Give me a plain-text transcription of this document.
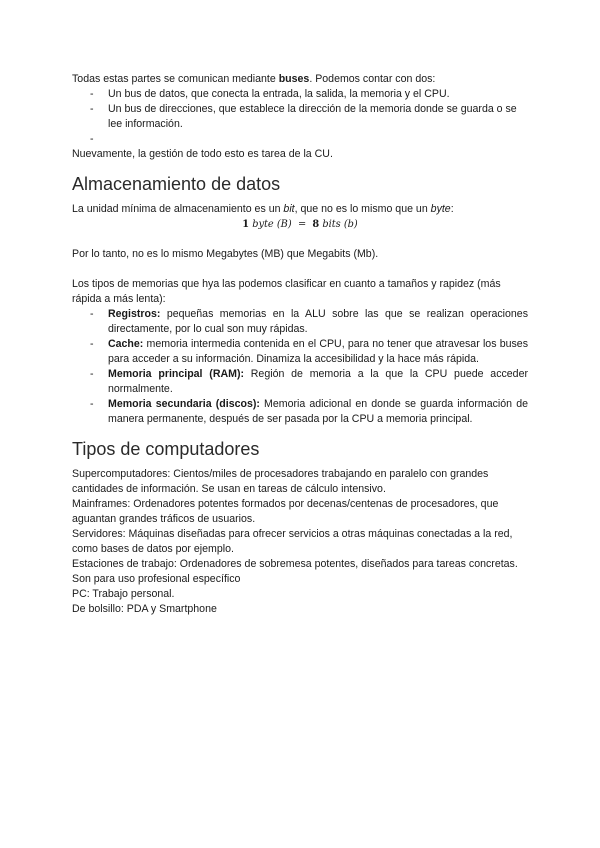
Todas estas partes se comunican mediante buses. Podemos contar con dos:

- Un bus de datos, que conecta la entrada, la salida, la memoria y el CPU.
- Un bus de direcciones, que establece la dirección de la memoria donde se guarda o se lee información.
-

Nuevamente, la gestión de todo esto es tarea de la CU.

Almacenamiento de datos

La unidad mínima de almacenamiento es un bit, que no es lo mismo que un byte:

1 byte (B) = 8 bits (b)

Por lo tanto, no es lo mismo Megabytes (MB) que Megabits (Mb).

Los tipos de memorias que hya las podemos clasificar en cuanto a tamaños y rapidez (más rápida a más lenta):

- Registros: pequeñas memorias en la ALU sobre las que se realizan operaciones directamente, por lo cual son muy rápidas.
- Cache: memoria intermedia contenida en el CPU, para no tener que atravesar los buses para acceder a su información. Dinamiza la accesibilidad y la hace más rápida.
- Memoria principal (RAM): Región de memoria a la que la CPU puede acceder normalmente.
- Memoria secundaria (discos): Memoria adicional en donde se guarda información de manera permanente, después de ser pasada por la CPU a memoria principal.
Tipos de computadores

Supercomputadores: Cientos/miles de procesadores trabajando en paralelo con grandes cantidades de información. Se usan en tareas de cálculo intensivo.

Mainframes: Ordenadores potentes formados por decenas/centenas de procesadores, que aguantan grandes tráficos de usuarios.

Servidores: Máquinas diseñadas para ofrecer servicios a otras máquinas conectadas a la red, como bases de datos por ejemplo.

Estaciones de trabajo: Ordenadores de sobremesa potentes, diseñados para tareas concretas. Son para uso profesional específico

PC: Trabajo personal.

De bolsillo: PDA y Smartphone
